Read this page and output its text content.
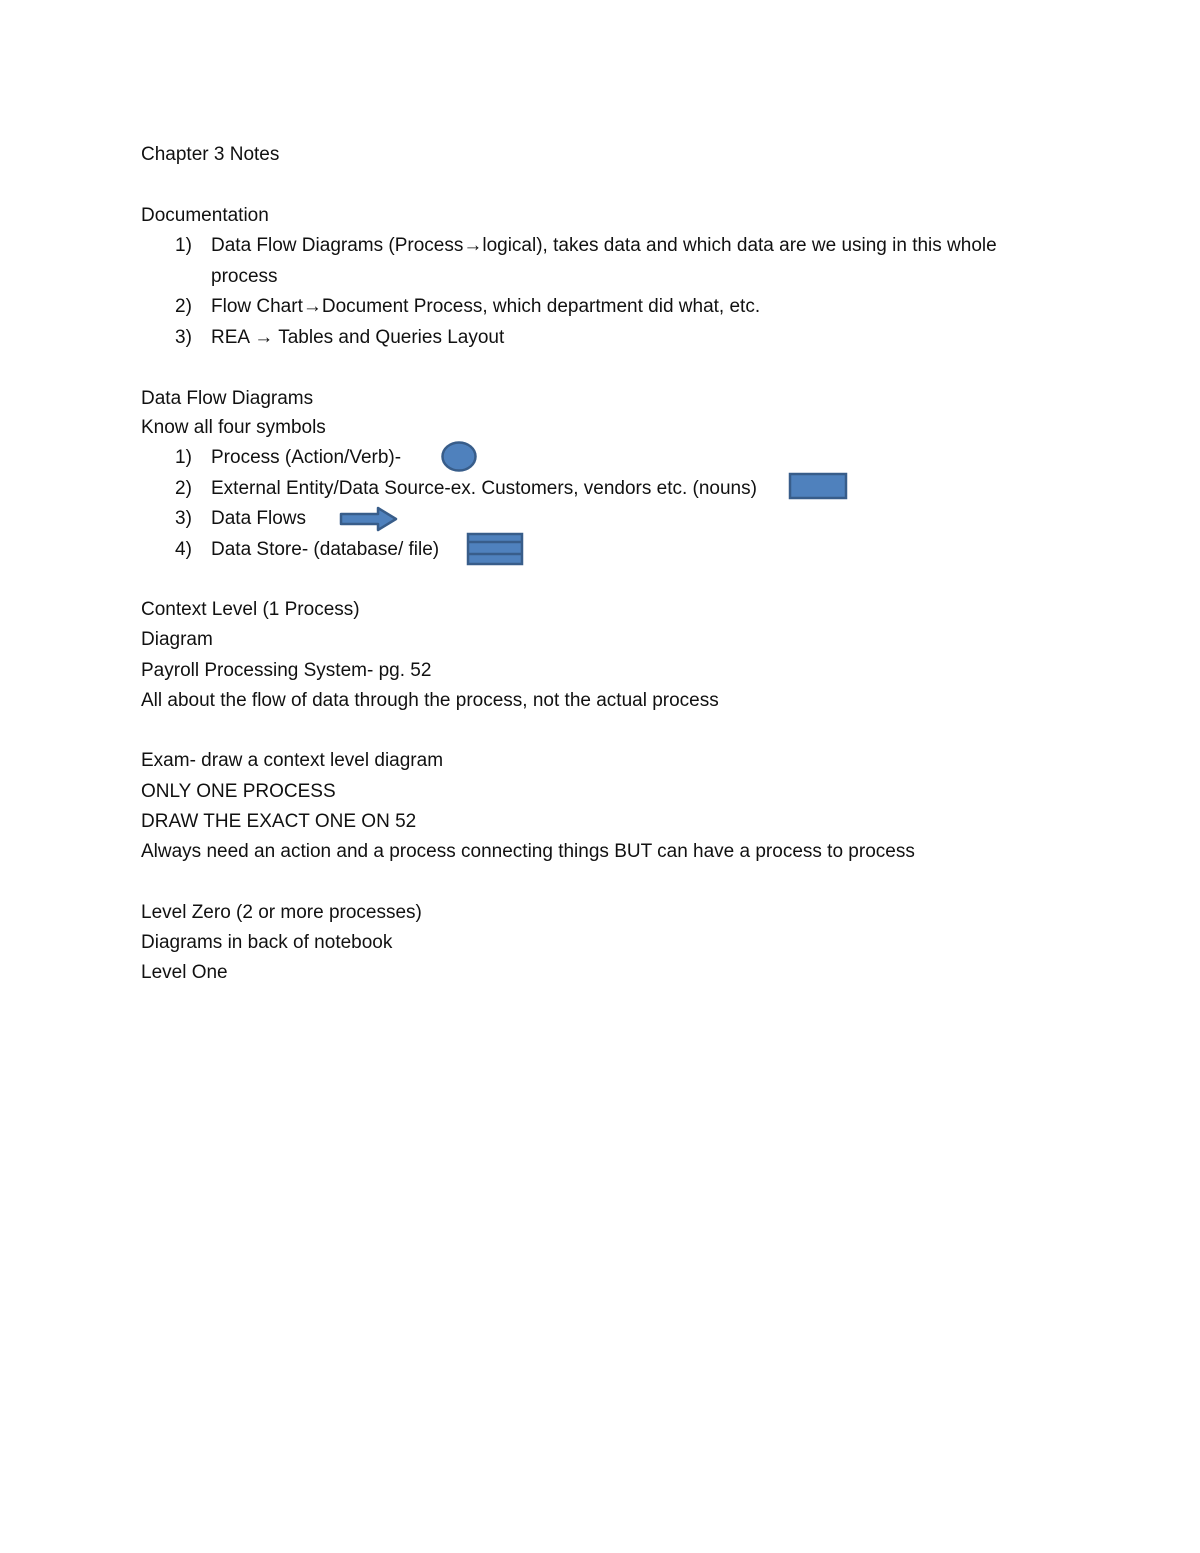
Chapter 3 Notes
Documentation
1) Data Flow Diagrams (Process→logical), takes data and which data are we using in this whole
process
2) Flow Chart→Document Process, which department did what, etc.
3) REA → Tables and Queries Layout
Data Flow Diagrams
Know all four symbols
1) Process (Action/Verb)-
2) External Entity/Data Source-ex. Customers, vendors etc. (nouns)
3) Data Flows
4) Data Store- (database/ file)
Context Level (1 Process)
Diagram
Payroll Processing System- pg. 52
All about the flow of data through the process, not the actual process
Exam- draw a context level diagram
ONLY ONE PROCESS
DRAW THE EXACT ONE ON 52
Always need an action and a process connecting things BUT can have a process to process
Level Zero (2 or more processes)
Diagrams in back of notebook
Level One
